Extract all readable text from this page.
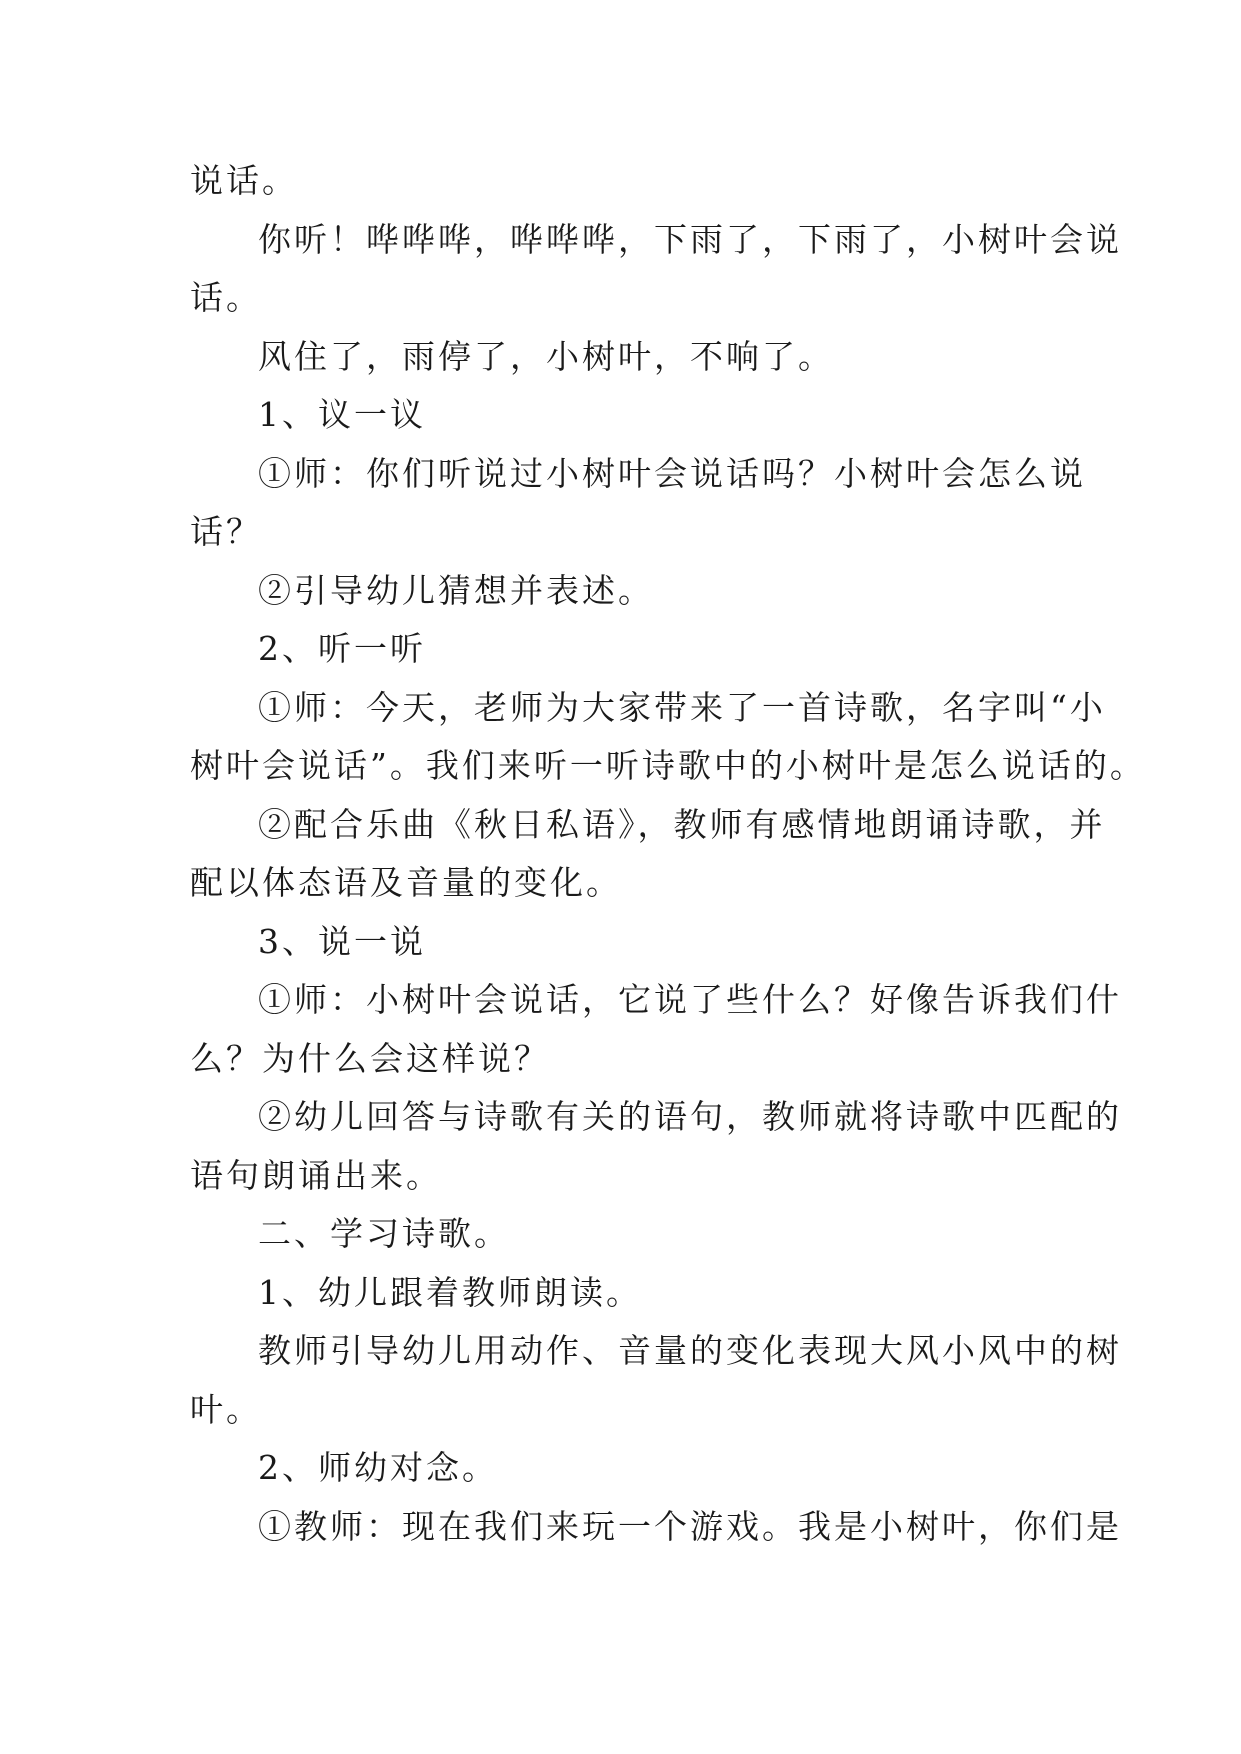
说话。

你听！哗哗哗，哗哗哗，下雨了，下雨了，小树叶会说

话。

风住了，雨停了，小树叶，不响了。

1、议一议

①师：你们听说过小树叶会说话吗？小树叶会怎么说

话？

②引导幼儿猜想并表述。

2、听一听

①师：今天，老师为大家带来了一首诗歌，名字叫“小

树叶会说话”。我们来听一听诗歌中的小树叶是怎么说话的。

②配合乐曲《秋日私语》，教师有感情地朗诵诗歌，并

配以体态语及音量的变化。

3、说一说

①师：小树叶会说话，它说了些什么？好像告诉我们什

么？为什么会这样说？

②幼儿回答与诗歌有关的语句，教师就将诗歌中匹配的

语句朗诵出来。

二、学习诗歌。

1、幼儿跟着教师朗读。

教师引导幼儿用动作、音量的变化表现大风小风中的树

叶。

2、师幼对念。

①教师：现在我们来玩一个游戏。我是小树叶，你们是
